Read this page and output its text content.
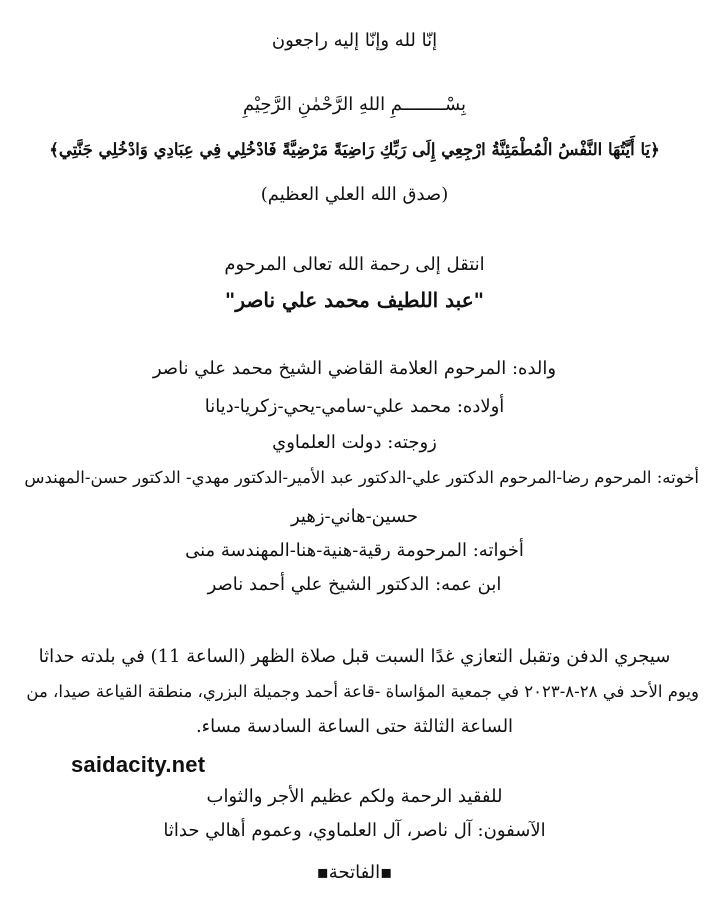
إنّا لله وإنّا إليه راجعون
بِسْــــــــمِ اللهِ الرَّحْمٰنِ الرَّحِيْمِ
﴿يَا أَيَّتُهَا النَّفْسُ الْمُطْمَئِنَّةُ ارْجِعِي إِلَى رَبِّكِ رَاضِيَةً مَرْضِيَّةً فَادْخُلِي فِي عِبَادِي وَادْخُلِي جَنَّتِي﴾
(صدق الله العلي العظيم)
انتقل إلى رحمة الله تعالى المرحوم
"عبد اللطيف محمد علي ناصر"
والده: المرحوم العلامة القاضي الشيخ محمد علي ناصر
أولاده: محمد علي-سامي-يحي-زكريا-ديانا
زوجته: دولت العلماوي
أخوته: المرحوم رضا-المرحوم الدكتور علي-الدكتور عبد الأمير-الدكتور مهدي- الدكتور حسن-المهندس
حسين-هاني-زهير
أخواته: المرحومة رقية-هنية-هنا-المهندسة منى
ابن عمه: الدكتور الشيخ علي أحمد ناصر
سيجري الدفن وتقبل التعازي غدًا السبت قبل صلاة الظهر (الساعة 11) في بلدته حداثا
ويوم الأحد في ٢٨-٨-٢٠٢٣ في جمعية المؤاساة -قاعة أحمد وجميلة البزري، منطقة القياعة صيدا، من
الساعة الثالثة حتى الساعة السادسة مساء.
saidacity.net
للفقيد الرحمة ولكم عظيم الأجر والثواب
الآسفون: آل ناصر، آل العلماوي، وعموم أهالي حداثا
▪الفاتحة▪
